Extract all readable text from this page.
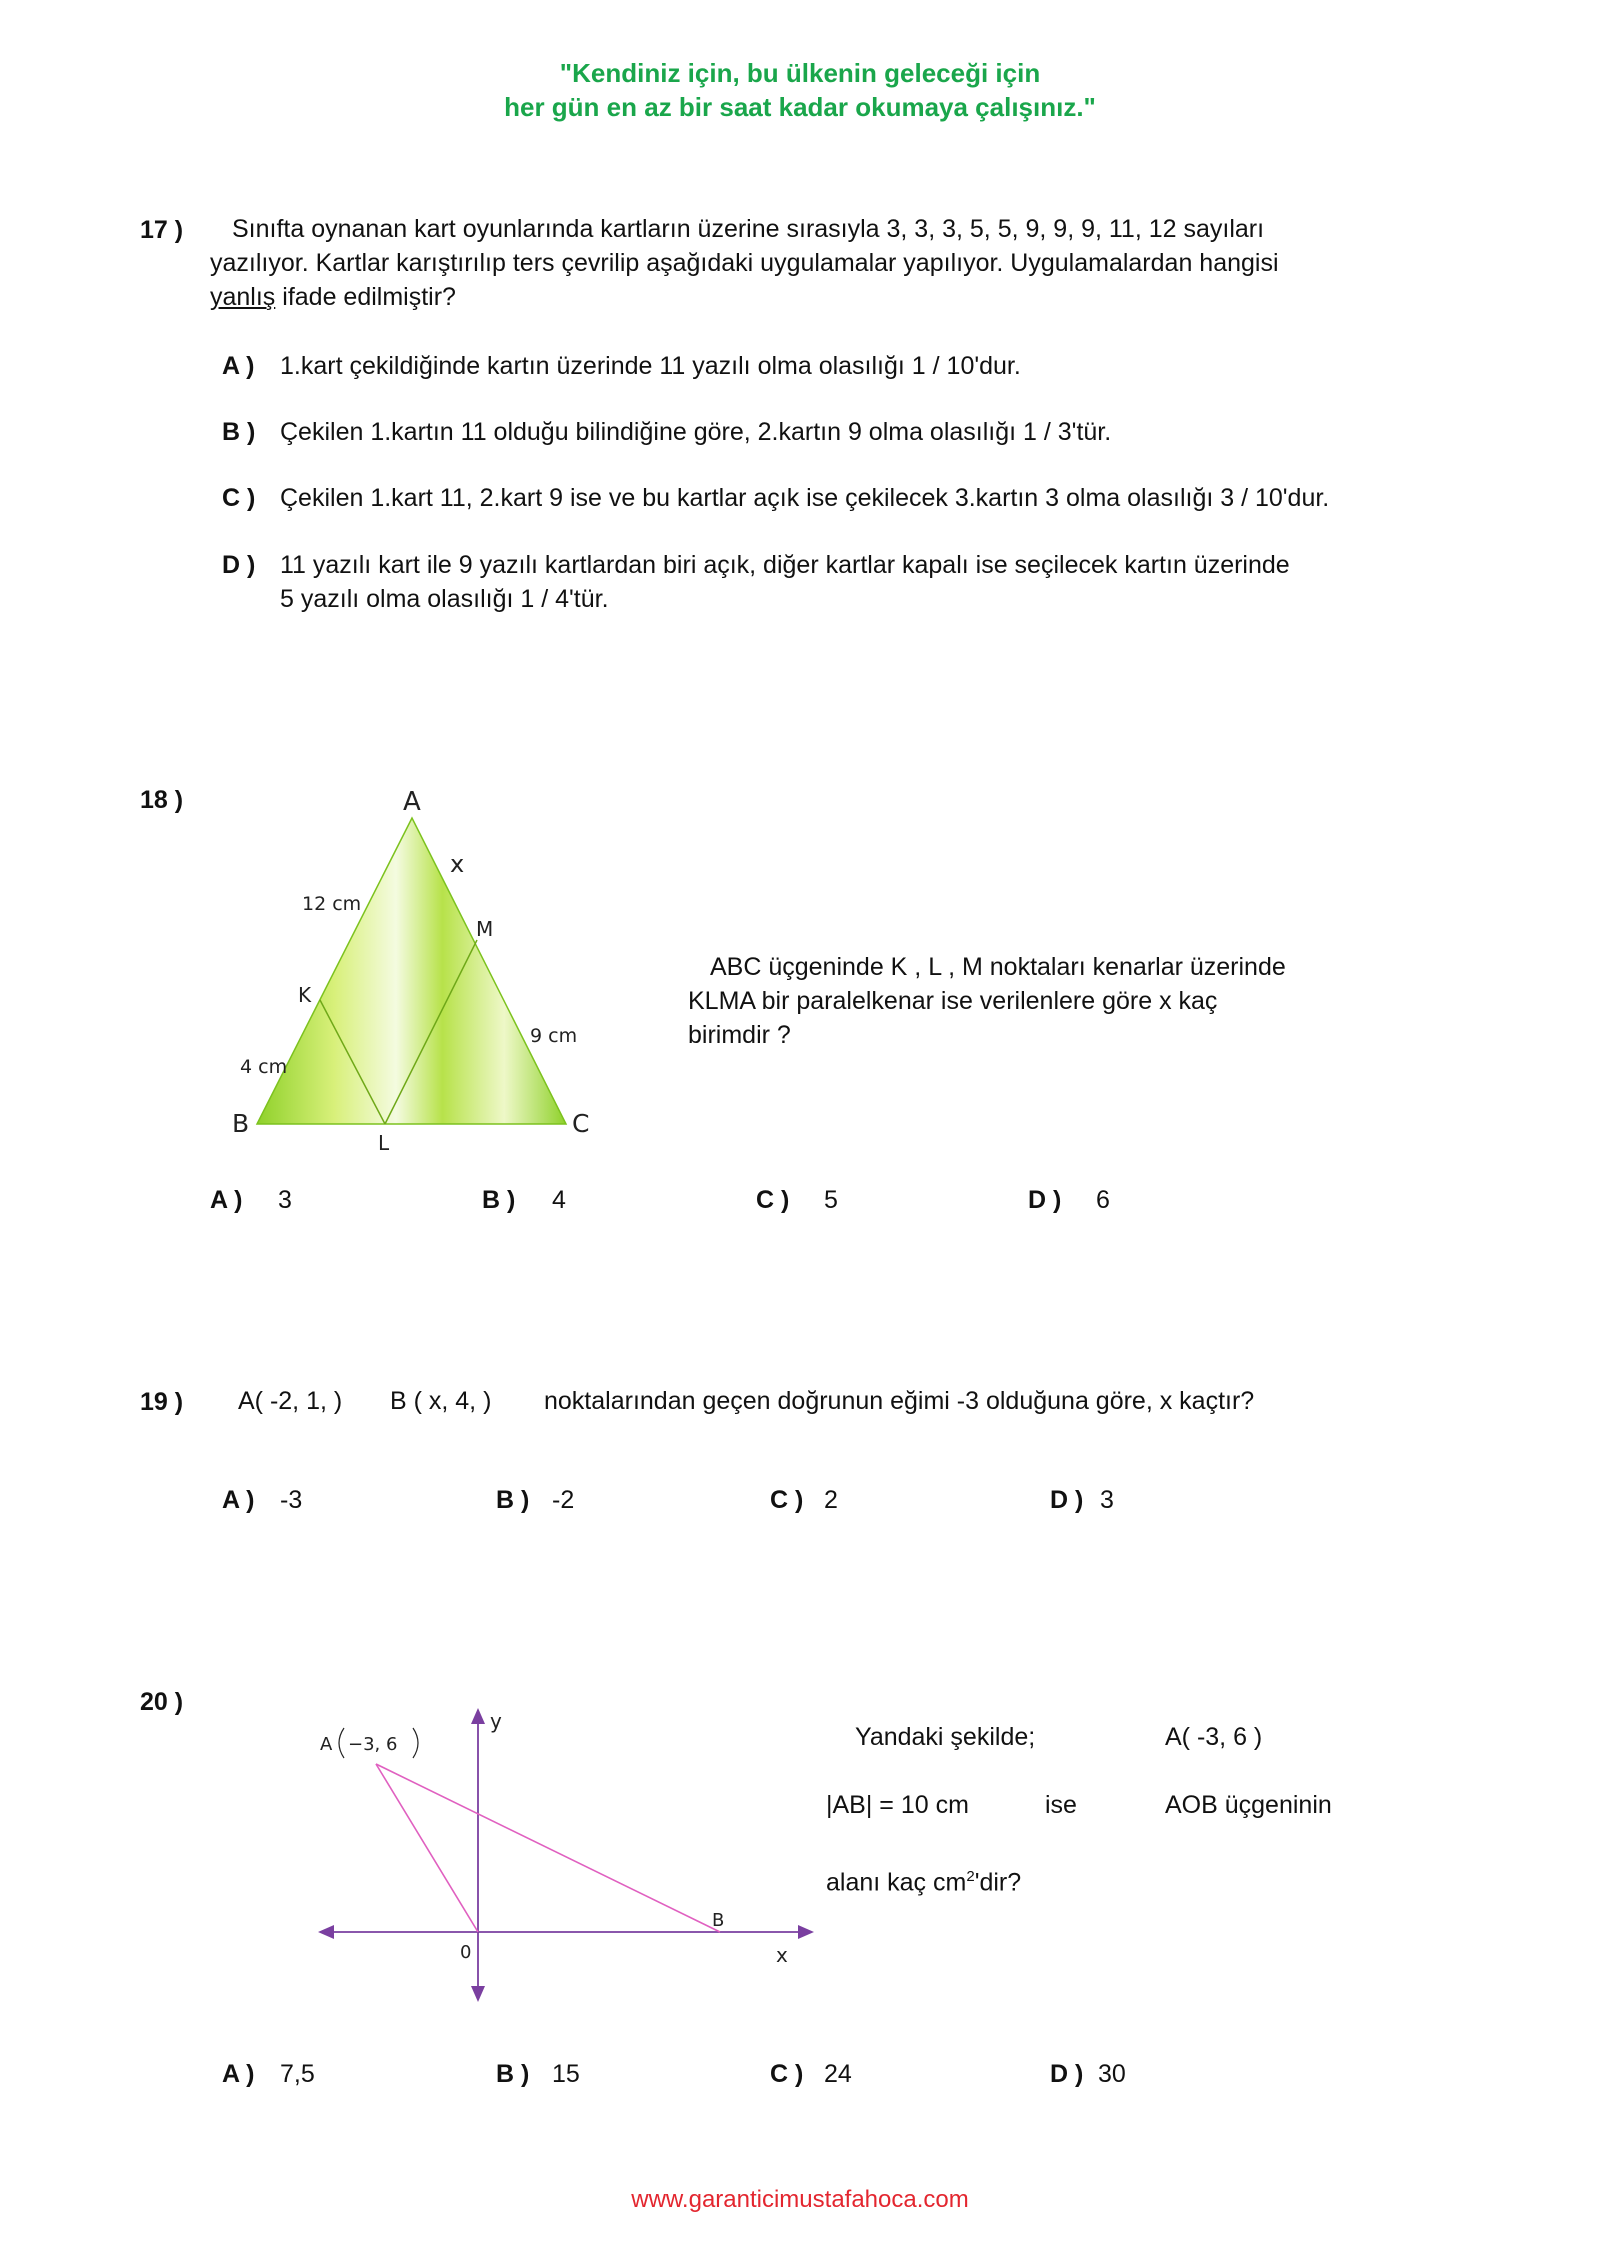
"Kendiniz için, bu ülkenin geleceği için
her gün en az bir saat kadar okumaya çalışınız."
17 ) Sınıfta oynanan kart oyunlarında kartların üzerine sırasıyla 3, 3, 3, 5, 5, 9, 9, 9, 11, 12 sayıları
yazılıyor. Kartlar karıştırılıp ters çevrilip aşağıdaki uygulamalar yapılıyor. Uygulamalardan hangisi
yanlış ifade edilmiştir?
A ) 1.kart çekildiğinde kartın üzerinde 11 yazılı olma olasılığı 1 / 10'dur.
B ) Çekilen 1.kartın 11 olduğu bilindiğine göre, 2.kartın 9 olma olasılığı 1 / 3'tür.
C ) Çekilen 1.kart 11, 2.kart 9 ise ve bu kartlar açık ise çekilecek 3.kartın 3 olma olasılığı 3 / 10'dur.
D ) 11 yazılı kart ile 9 yazılı kartlardan biri açık, diğer kartlar kapalı ise seçilecek kartın üzerinde
5 yazılı olma olasılığı 1 / 4'tür.
18 )	A
B	C
K
L
M
x
12 cm
4 cm
9 cm
ABC üçgeninde K , L , M noktaları kenarlar üzerinde
KLMA bir paralelkenar ise verilenlere göre x kaç
birimdir ?
A ) 3	B ) 4	C ) 5	D ) 6
19 ) A( -2, 1, ) B ( x, 4, ) noktalarından geçen doğrunun eğimi -3 olduğuna göre, x kaçtır?
A ) -3	B ) -2	C ) 2	D ) 3
20 )
A −3, 6
y
x
0
B
Yandaki şekilde;	A( -3, 6 )
|AB| = 10 cm	ise	AOB üçgeninin
alanı kaç $cm^2'dir$?
A ) 7,5	B ) 15	C ) 24	D ) 30
www.garanticimustafahoca.com
